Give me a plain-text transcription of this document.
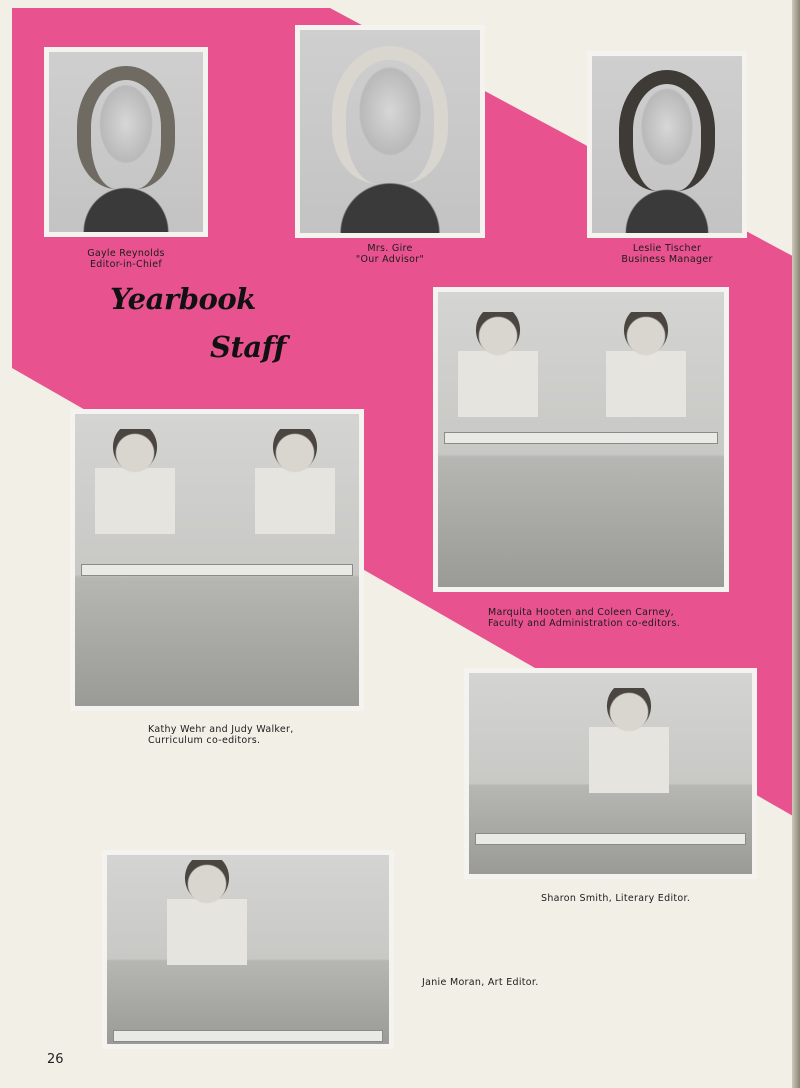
Gayle Reynolds
Editor-in-Chief
Mrs. Gire
"Our Advisor"
Leslie Tischer
Business Manager
Yearbook
Staff
Marquita Hooten and Coleen Carney,
Faculty and Administration co-editors.
Kathy Wehr and Judy Walker,
Curriculum co-editors.
Sharon Smith, Literary Editor.
Janie Moran, Art Editor.
26
